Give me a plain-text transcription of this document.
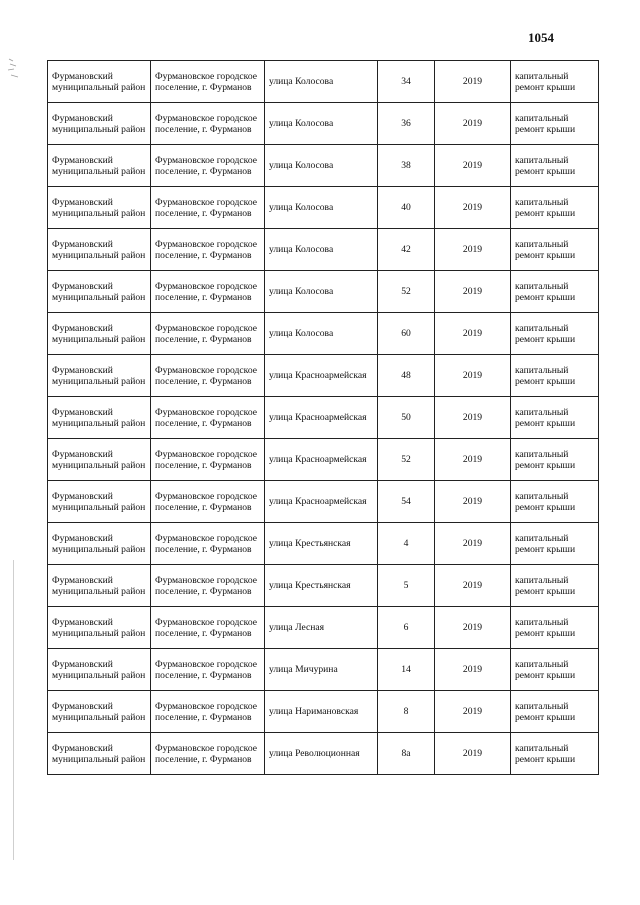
1054
Фурмановский муниципальный район	Фурмановское городское поселение, г. Фурманов	улица Колосова	34	2019	капитальный ремонт крыши
Фурмановский муниципальный район	Фурмановское городское поселение, г. Фурманов	улица Колосова	36	2019	капитальный ремонт крыши
Фурмановский муниципальный район	Фурмановское городское поселение, г. Фурманов	улица Колосова	38	2019	капитальный ремонт крыши
Фурмановский муниципальный район	Фурмановское городское поселение, г. Фурманов	улица Колосова	40	2019	капитальный ремонт крыши
Фурмановский муниципальный район	Фурмановское городское поселение, г. Фурманов	улица Колосова	42	2019	капитальный ремонт крыши
Фурмановский муниципальный район	Фурмановское городское поселение, г. Фурманов	улица Колосова	52	2019	капитальный ремонт крыши
Фурмановский муниципальный район	Фурмановское городское поселение, г. Фурманов	улица Колосова	60	2019	капитальный ремонт крыши
Фурмановский муниципальный район	Фурмановское городское поселение, г. Фурманов	улица Красноармейская	48	2019	капитальный ремонт крыши
Фурмановский муниципальный район	Фурмановское городское поселение, г. Фурманов	улица Красноармейская	50	2019	капитальный ремонт крыши
Фурмановский муниципальный район	Фурмановское городское поселение, г. Фурманов	улица Красноармейская	52	2019	капитальный ремонт крыши
Фурмановский муниципальный район	Фурмановское городское поселение, г. Фурманов	улица Красноармейская	54	2019	капитальный ремонт крыши
Фурмановский муниципальный район	Фурмановское городское поселение, г. Фурманов	улица Крестьянская	4	2019	капитальный ремонт крыши
Фурмановский муниципальный район	Фурмановское городское поселение, г. Фурманов	улица Крестьянская	5	2019	капитальный ремонт крыши
Фурмановский муниципальный район	Фурмановское городское поселение, г. Фурманов	улица Лесная	6	2019	капитальный ремонт крыши
Фурмановский муниципальный район	Фурмановское городское поселение, г. Фурманов	улица Мичурина	14	2019	капитальный ремонт крыши
Фурмановский муниципальный район	Фурмановское городское поселение, г. Фурманов	улица Наримановская	8	2019	капитальный ремонт крыши
Фурмановский муниципальный район	Фурмановское городское поселение, г. Фурманов	улица Революционная	8а	2019	капитальный ремонт крыши
